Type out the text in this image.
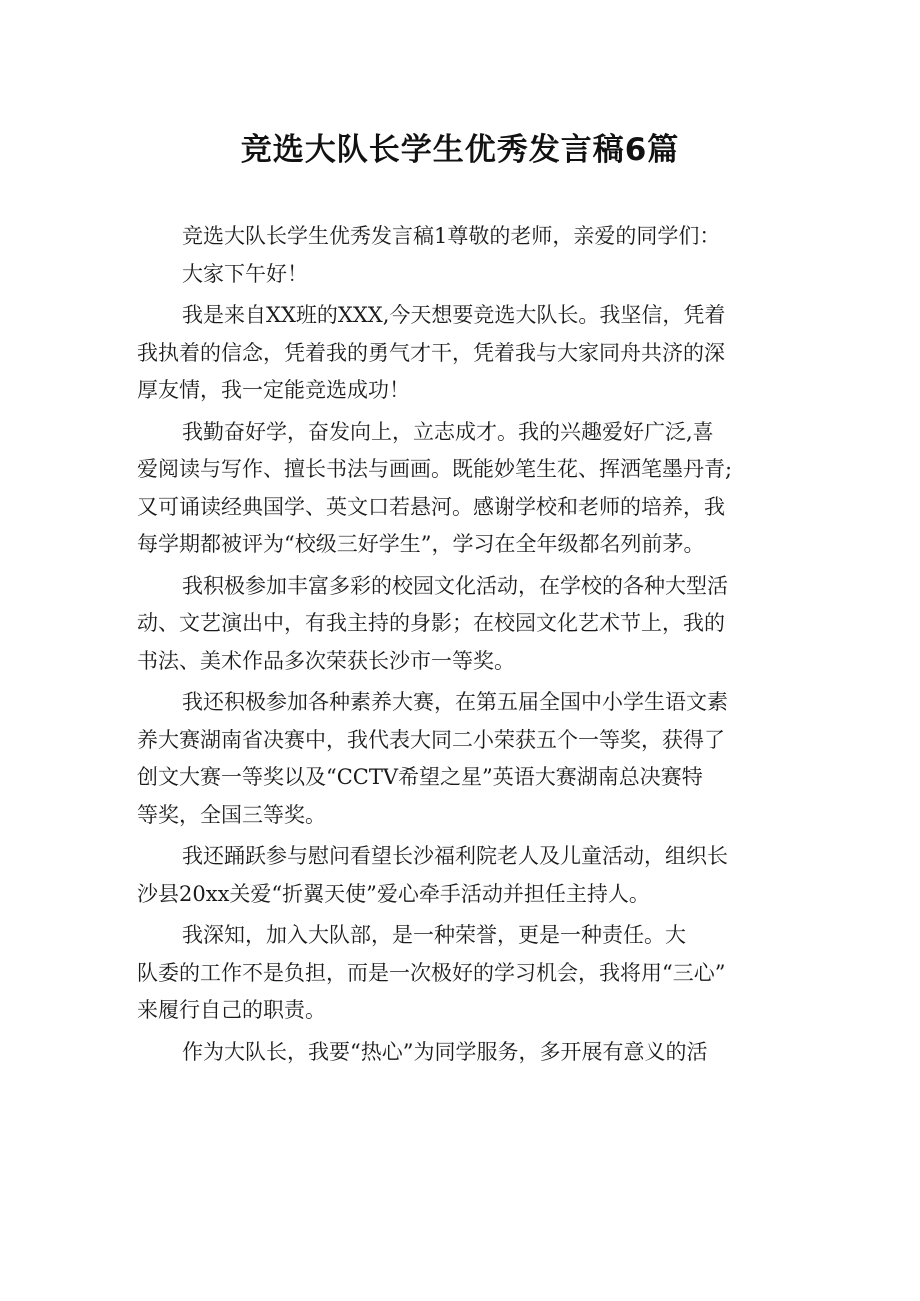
竞选大队长学生优秀发言稿6篇
竞选大队长学生优秀发言稿1尊敬的老师，亲爱的同学们：
大家下午好！
我是来自XX班的XXX,今天想要竞选大队长。我坚信，凭着
我执着的信念，凭着我的勇气才干，凭着我与大家同舟共济的深
厚友情，我一定能竞选成功！
我勤奋好学，奋发向上，立志成才。我的兴趣爱好广泛,喜
爱阅读与写作、擅长书法与画画。既能妙笔生花、挥洒笔墨丹青;
又可诵读经典国学、英文口若悬河。感谢学校和老师的培养，我
每学期都被评为“校级三好学生”，学习在全年级都名列前茅。
我积极参加丰富多彩的校园文化活动，在学校的各种大型活
动、文艺演出中，有我主持的身影；在校园文化艺术节上，我的
书法、美术作品多次荣获长沙市一等奖。
我还积极参加各种素养大赛，在第五届全国中小学生语文素
养大赛湖南省决赛中，我代表大同二小荣获五个一等奖，获得了
创文大赛一等奖以及“CCTV希望之星”英语大赛湖南总决赛特
等奖，全国三等奖。
我还踊跃参与慰问看望长沙福利院老人及儿童活动，组织长
沙县20xx关爱“折翼天使”爱心牵手活动并担任主持人。
我深知，加入大队部，是一种荣誉，更是一种责任。大
队委的工作不是负担，而是一次极好的学习机会，我将用“三心”
来履行自己的职责。
作为大队长，我要“热心”为同学服务，多开展有意义的活
